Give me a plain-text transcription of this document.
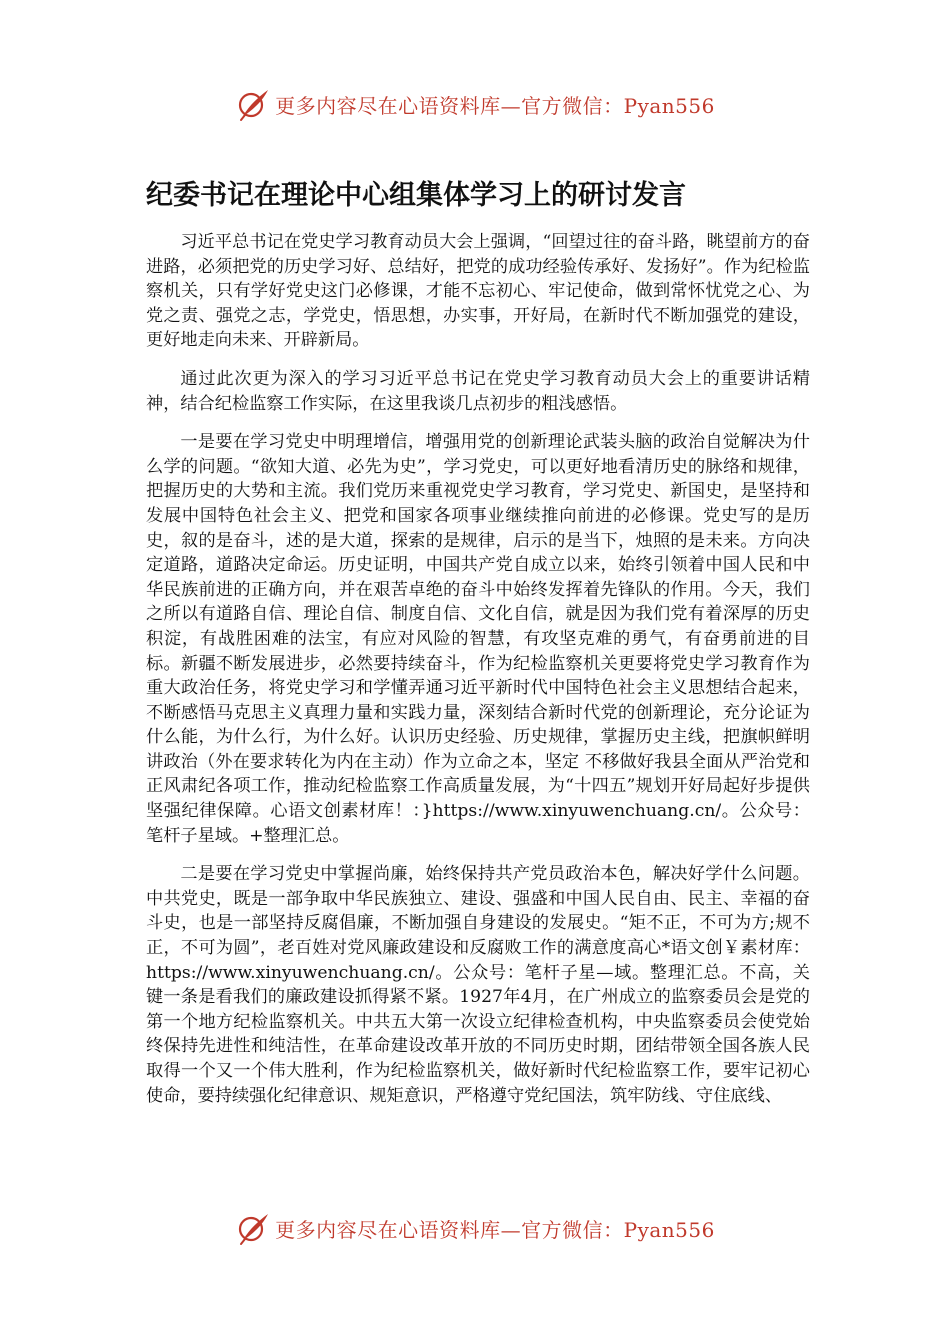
更多内容尽在心语资料库—官方微信：Pyan556
纪委书记在理论中心组集体学习上的研讨发言

习近平总书记在党史学习教育动员大会上强调，“回望过往的奋斗路，眺望前方的奋进路，必须把党的历史学习好、总结好，把党的成功经验传承好、发扬好”。作为纪检监察机关，只有学好党史这门必修课，才能不忘初心、牢记使命，做到常怀忧党之心、为党之责、强党之志，学党史，悟思想，办实事，开好局，在新时代不断加强党的建设，更好地走向未来、开辟新局。

通过此次更为深入的学习习近平总书记在党史学习教育动员大会上的重要讲话精神，结合纪检监察工作实际，在这里我谈几点初步的粗浅感悟。

一是要在学习党史中明理增信，增强用党的创新理论武装头脑的政治自觉解决为什么学的问题。“欲知大道、必先为史”，学习党史，可以更好地看清历史的脉络和规律，把握历史的大势和主流。我们党历来重视党史学习教育，学习党史、新国史，是坚持和发展中国特色社会主义、把党和国家各项事业继续推向前进的必修课。党史写的是历史，叙的是奋斗，述的是大道，探索的是规律，启示的是当下，烛照的是未来。方向决定道路，道路决定命运。历史证明，中国共产党自成立以来，始终引领着中国人民和中华民族前进的正确方向，并在艰苦卓绝的奋斗中始终发挥着先锋队的作用。今天，我们之所以有道路自信、理论自信、制度自信、文化自信，就是因为我们党有着深厚的历史积淀，有战胜困难的法宝，有应对风险的智慧，有攻坚克难的勇气，有奋勇前进的目标。新疆不断发展进步，必然要持续奋斗，作为纪检监察机关更要将党史学习教育作为重大政治任务，将党史学习和学懂弄通习近平新时代中国特色社会主义思想结合起来，不断感悟马克思主义真理力量和实践力量，深刻结合新时代党的创新理论，充分论证为什么能，为什么行，为什么好。认识历史经验、历史规律，掌握历史主线，把旗帜鲜明讲政治（外在要求转化为内在主动）作为立命之本，坚定 不移做好我县全面从严治党和正风肃纪各项工作，推动纪检监察工作高质量发展，为“十四五”规划开好局起好步提供坚强纪律保障。心语文创素材库！：}https://www.xinyuwenchuang.cn/。公众号：笔杆子星域。+整理汇总。

二是要在学习党史中掌握尚廉，始终保持共产党员政治本色，解决好学什么问题。中共党史，既是一部争取中华民族独立、建设、强盛和中国人民自由、民主、幸福的奋斗史，也是一部坚持反腐倡廉，不断加强自身建设的发展史。“矩不正，不可为方;规不正，不可为圆”，老百姓对党风廉政建设和反腐败工作的满意度高心*语文创￥素材库：https://www.xinyuwenchuang.cn/。公众号：笔杆子星—域。整理汇总。不高，关键一条是看我们的廉政建设抓得紧不紧。1927年4月，在广州成立的监察委员会是党的第一个地方纪检监察机关。中共五大第一次设立纪律检查机构，中央监察委员会使党始终保持先进性和纯洁性，在革命建设改革开放的不同历史时期，团结带领全国各族人民取得一个又一个伟大胜利，作为纪检监察机关，做好新时代纪检监察工作，要牢记初心使命，要持续强化纪律意识、规矩意识，严格遵守党纪国法，筑牢防线、守住底线、

更多内容尽在心语资料库—官方微信：Pyan556
